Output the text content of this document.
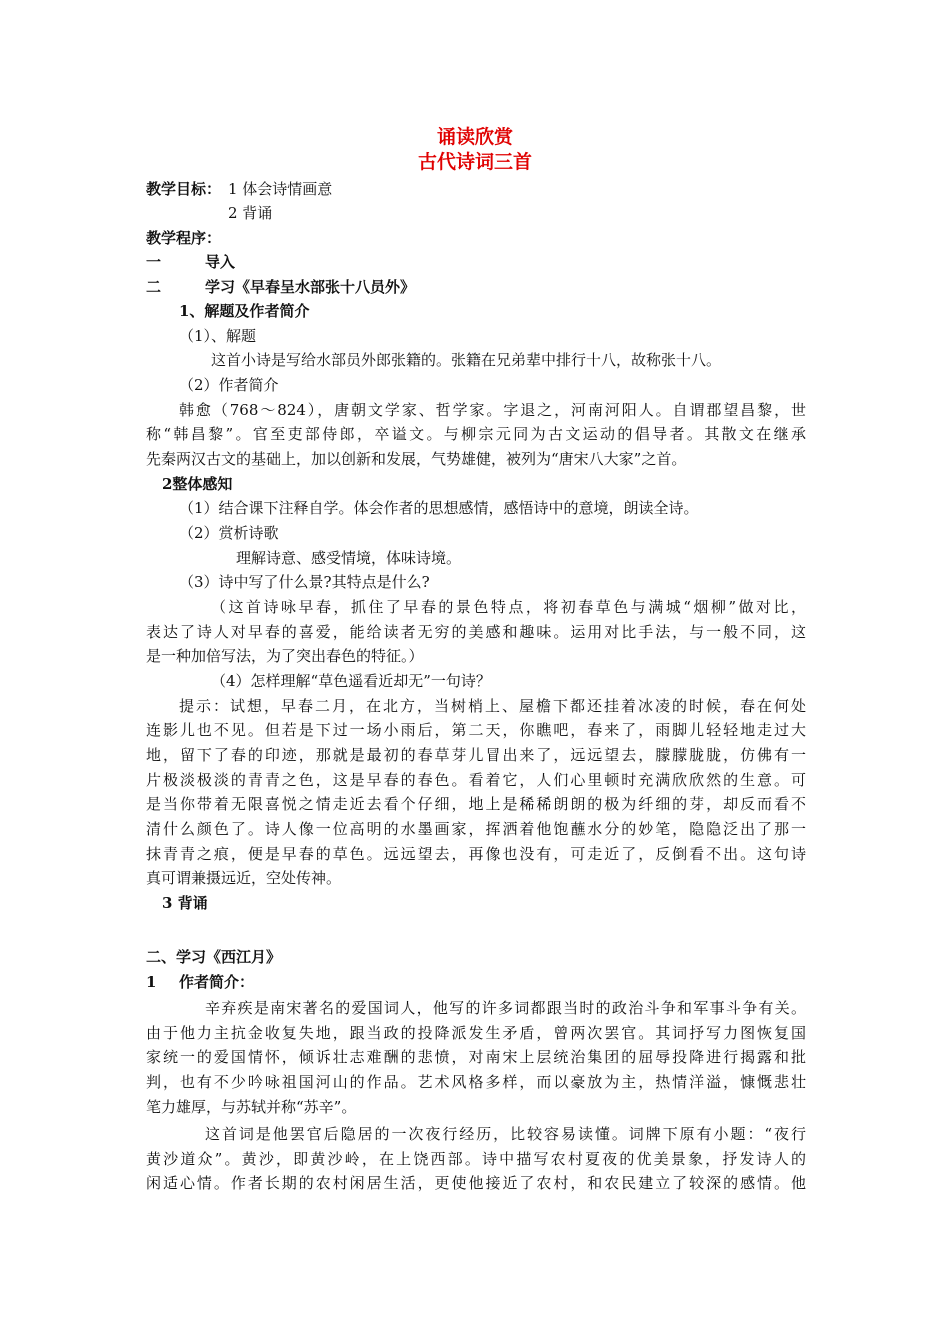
诵读欣赏
古代诗词三首
教学目标： 1 体会诗情画意
2 背诵
教学程序：
一	导入
二	学习《早春呈水部张十八员外》
1、解题及作者简介
（1）、解题
这首小诗是写给水部员外郎张籍的。张籍在兄弟辈中排行十八，故称张十八。
（2）作者简介
韩愈（768～824），唐朝文学家、哲学家。字退之，河南河阳人。自谓郡望昌黎，世
称“韩昌黎”。官至吏部侍郎，卒谥文。与柳宗元同为古文运动的倡导者。其散文在继承
先秦两汉古文的基础上，加以创新和发展，气势雄健，被列为“唐宋八大家”之首。
2整体感知
（1）结合课下注释自学。体会作者的思想感情，感悟诗中的意境，朗读全诗。
（2）赏析诗歌
理解诗意、感受情境，体味诗境。
（3）诗中写了什么景?其特点是什么?
（这首诗咏早春，抓住了早春的景色特点，将初春草色与满城“烟柳”做对比，
表达了诗人对早春的喜爱，能给读者无穷的美感和趣味。运用对比手法，与一般不同，这
是一种加倍写法，为了突出春色的特征。）
（4）怎样理解“草色遥看近却无”一句诗？
提示：试想，早春二月，在北方，当树梢上、屋檐下都还挂着冰凌的时候，春在何处
连影儿也不见。但若是下过一场小雨后，第二天，你瞧吧，春来了，雨脚儿轻轻地走过大
地，留下了春的印迹，那就是最初的春草芽儿冒出来了，远远望去，朦朦胧胧，仿佛有一
片极淡极淡的青青之色，这是早春的春色。看着它，人们心里顿时充满欣欣然的生意。可
是当你带着无限喜悦之情走近去看个仔细，地上是稀稀朗朗的极为纤细的芽，却反而看不
清什么颜色了。诗人像一位高明的水墨画家，挥洒着他饱蘸水分的妙笔，隐隐泛出了那一
抹青青之痕，便是早春的草色。远远望去，再像也没有，可走近了，反倒看不出。这句诗
真可谓兼摄远近，空处传神。
3 背诵
二、学习《西江月》
1 作者简介：
辛弃疾是南宋著名的爱国词人，他写的许多词都跟当时的政治斗争和军事斗争有关。
由于他力主抗金收复失地，跟当政的投降派发生矛盾，曾两次罢官。其词抒写力图恢复国
家统一的爱国情怀，倾诉壮志难酬的悲愤，对南宋上层统治集团的屈辱投降进行揭露和批
判，也有不少吟咏祖国河山的作品。艺术风格多样，而以豪放为主，热情洋溢，慷慨悲壮
笔力雄厚，与苏轼并称“苏辛”。
这首词是他罢官后隐居的一次夜行经历，比较容易读懂。词牌下原有小题：“夜行
黄沙道众”。黄沙，即黄沙岭，在上饶西部。诗中描写农村夏夜的优美景象，抒发诗人的
闲适心情。作者长期的农村闲居生活，更使他接近了农村，和农民建立了较深的感情。他
